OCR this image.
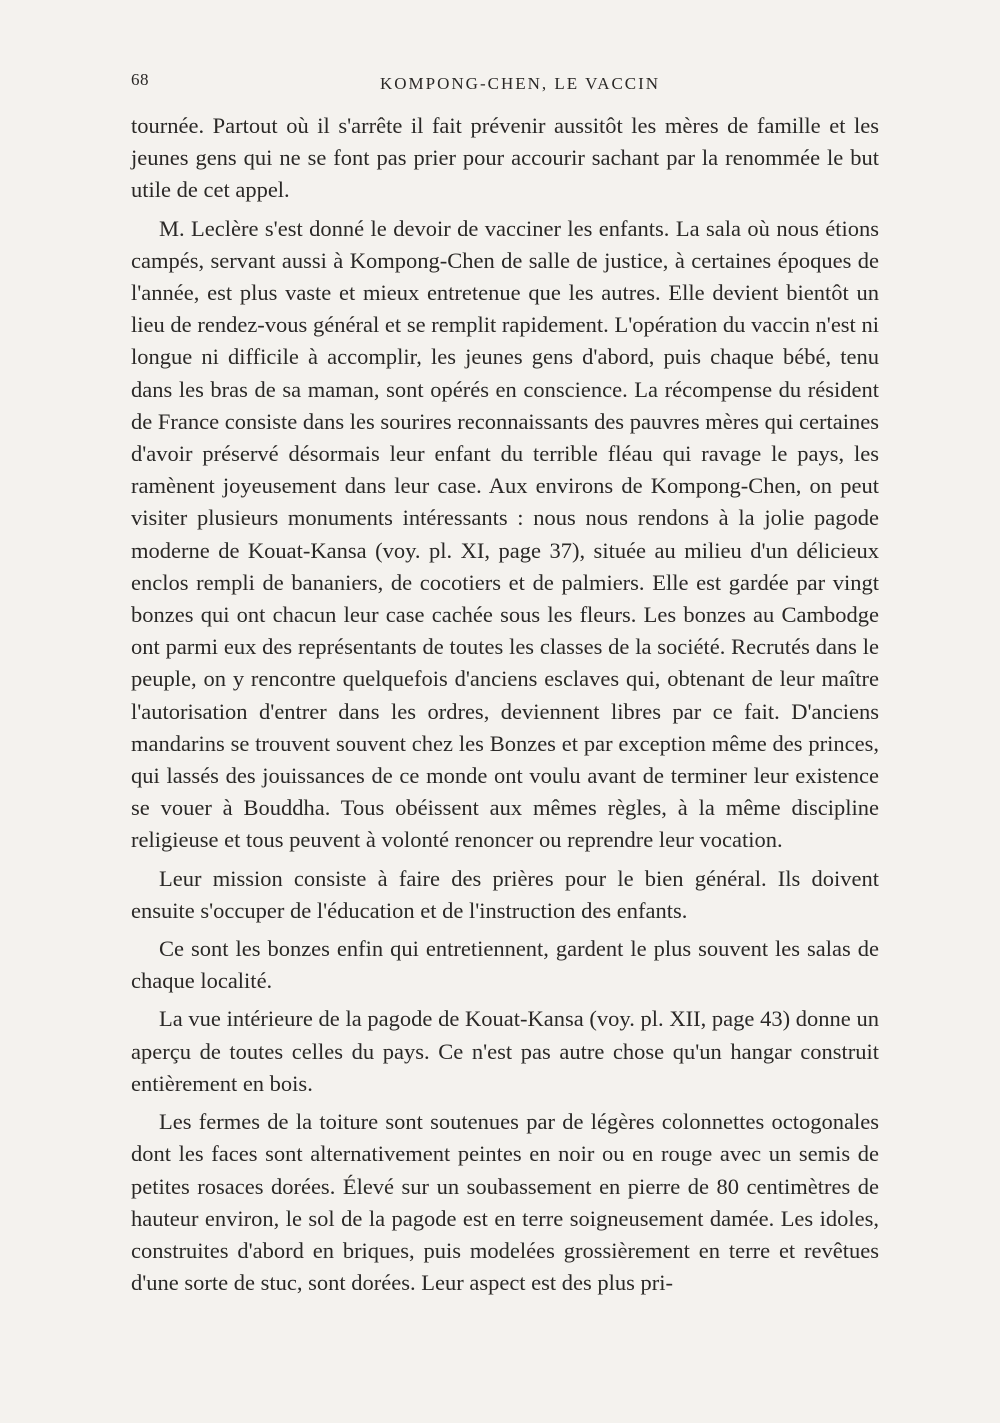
68	KOMPONG-CHEN, LE VACCIN

tournée. Partout où il s'arrête il fait prévenir aussitôt les mères de famille et les jeunes gens qui ne se font pas prier pour accourir sachant par la renommée le but utile de cet appel.

M. Leclère s'est donné le devoir de vacciner les enfants. La sala où nous étions campés, servant aussi à Kompong-Chen de salle de justice, à certaines époques de l'année, est plus vaste et mieux entretenue que les autres. Elle devient bientôt un lieu de rendez-vous général et se remplit rapidement. L'opération du vaccin n'est ni longue ni difficile à accomplir, les jeunes gens d'abord, puis chaque bébé, tenu dans les bras de sa maman, sont opérés en conscience. La récompense du résident de France consiste dans les sourires reconnaissants des pauvres mères qui certaines d'avoir préservé désormais leur enfant du terrible fléau qui ravage le pays, les ramènent joyeusement dans leur case. Aux environs de Kompong-Chen, on peut visiter plusieurs monuments intéressants : nous nous rendons à la jolie pagode moderne de Kouat-Kansa (voy. pl. XI, page 37), située au milieu d'un délicieux enclos rempli de bananiers, de cocotiers et de palmiers. Elle est gardée par vingt bonzes qui ont chacun leur case cachée sous les fleurs. Les bonzes au Cambodge ont parmi eux des représentants de toutes les classes de la société. Recrutés dans le peuple, on y rencontre quelquefois d'anciens esclaves qui, obtenant de leur maître l'autorisation d'entrer dans les ordres, deviennent libres par ce fait. D'anciens mandarins se trouvent souvent chez les Bonzes et par exception même des princes, qui lassés des jouissances de ce monde ont voulu avant de terminer leur existence se vouer à Bouddha. Tous obéissent aux mêmes règles, à la même discipline religieuse et tous peuvent à volonté renoncer ou reprendre leur vocation.

Leur mission consiste à faire des prières pour le bien général. Ils doivent ensuite s'occuper de l'éducation et de l'instruction des enfants.

Ce sont les bonzes enfin qui entretiennent, gardent le plus souvent les salas de chaque localité.

La vue intérieure de la pagode de Kouat-Kansa (voy. pl. XII, page 43) donne un aperçu de toutes celles du pays. Ce n'est pas autre chose qu'un hangar construit entièrement en bois.

Les fermes de la toiture sont soutenues par de légères colonnettes octogonales dont les faces sont alternativement peintes en noir ou en rouge avec un semis de petites rosaces dorées. Élevé sur un soubassement en pierre de 80 centimètres de hauteur environ, le sol de la pagode est en terre soigneusement damée. Les idoles, construites d'abord en briques, puis modelées grossièrement en terre et revêtues d'une sorte de stuc, sont dorées. Leur aspect est des plus pri-
